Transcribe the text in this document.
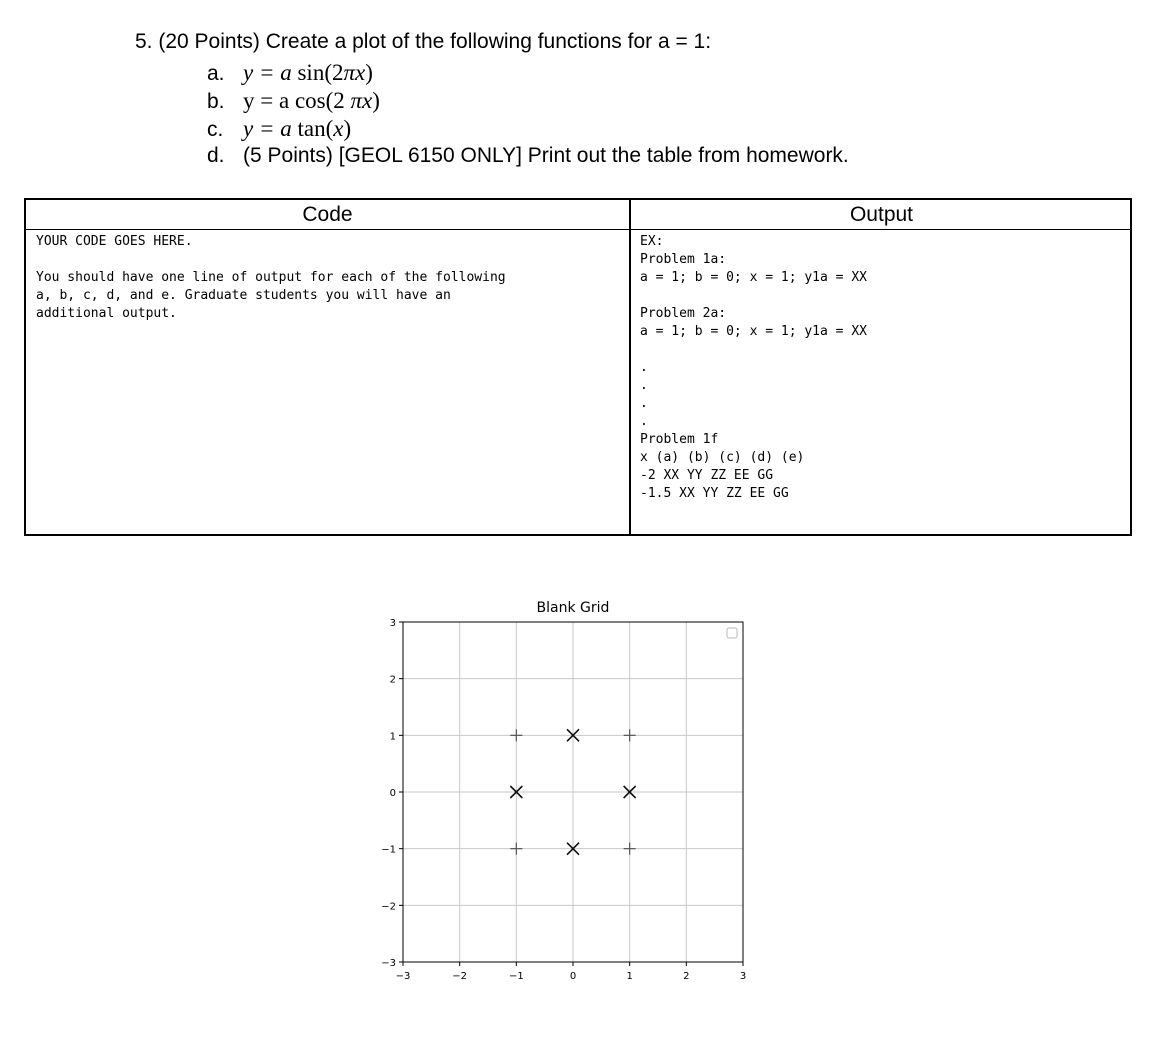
5. (20 Points) Create a plot of the following functions for a = 1:
a. y = a sin(2πx)
b. y = a cos(2 πx)
c. y = a tan(x)
d. (5 Points) [GEOL 6150 ONLY] Print out the table from homework.
Code	Output
YOUR CODE GOES HERE.
You should have one line of output for each of the following
a, b, c, d, and e. Graduate students you will have an
additional output.
EX:
Problem 1a:
a = 1; b = 0; x = 1; y1a = XX
Problem 2a:
a = 1; b = 0; x = 1; y1a = XX
.
.
.
.
Problem 1f
x (a) (b) (c) (d) (e)
-2 XX YY ZZ EE GG
-1.5 XX YY ZZ EE GG
Blank Grid
−3	−2	−1	0	1	2	3
−3
−2
−1
0
1
2
3
